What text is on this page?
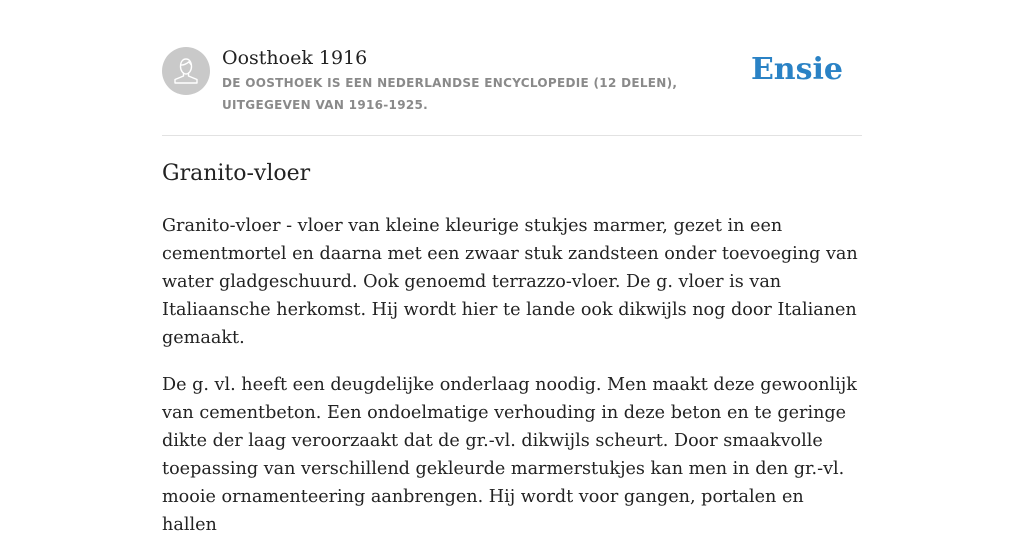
Oosthoek 1916
DE OOSTHOEK IS EEN NEDERLANDSE ENCYCLOPEDIE (12 DELEN), UITGEGEVEN VAN 1916-1925.
Ensie
Granito-vloer

Granito-vloer - vloer van kleine kleurige stukjes marmer, gezet in een cementmortel en daarna met een zwaar stuk zandsteen onder toevoeging van water gladgeschuurd. Ook genoemd terrazzo-vloer. De g. vloer is van Italiaansche herkomst. Hij wordt hier te lande ook dikwijls nog door Italianen gemaakt.

De g. vl. heeft een deugdelijke onderlaag noodig. Men maakt deze gewoonlijk van cementbeton. Een ondoelmatige verhouding in deze beton en te geringe dikte der laag veroorzaakt dat de gr.-vl. dikwijls scheurt. Door smaakvolle toepassing van verschillend gekleurde marmerstukjes kan men in den gr.-vl. mooie ornamenteering aanbrengen. Hij wordt voor gangen, portalen en hallen
